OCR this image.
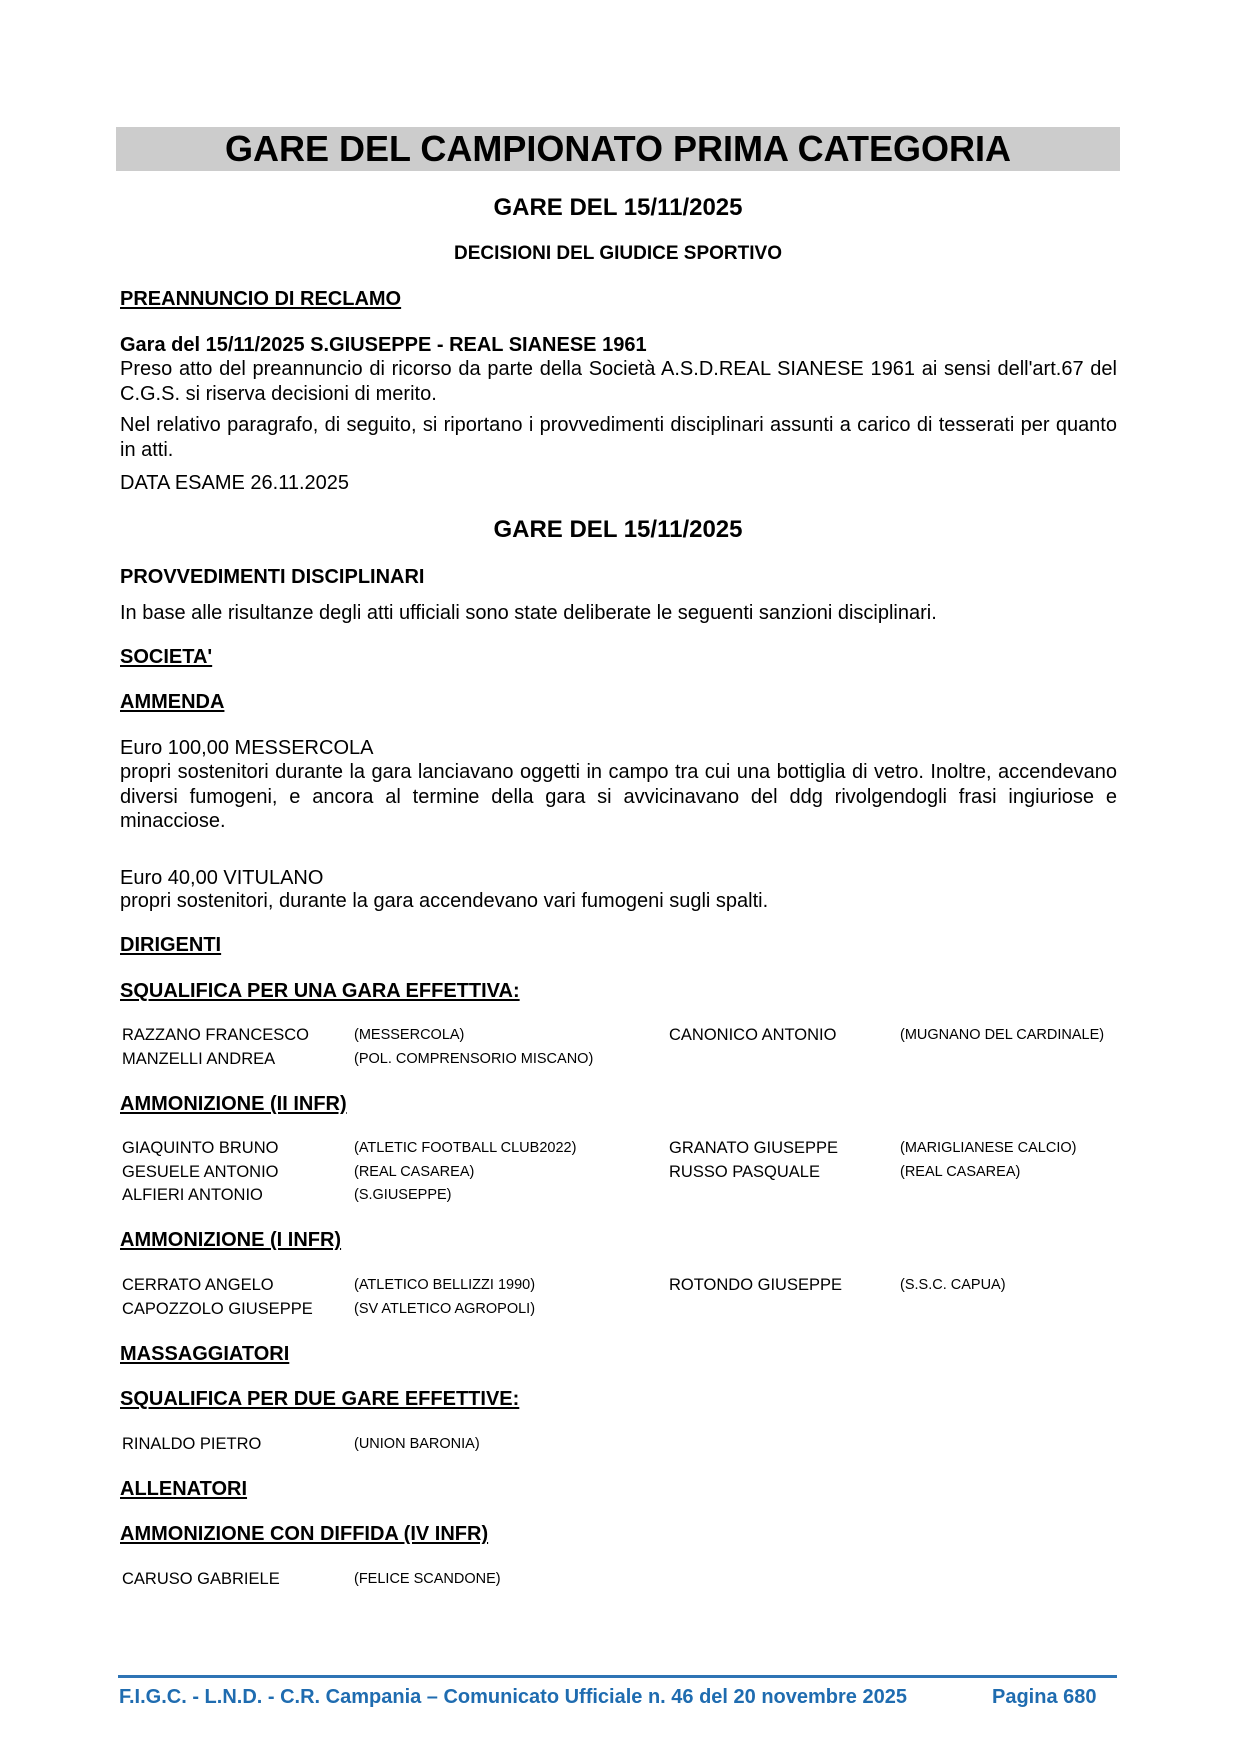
GARE DEL CAMPIONATO PRIMA CATEGORIA
GARE DEL 15/11/2025
DECISIONI DEL GIUDICE SPORTIVO
PREANNUNCIO DI RECLAMO
Gara del 15/11/2025 S.GIUSEPPE - REAL SIANESE 1961
Preso atto del preannuncio di ricorso da parte della Società A.S.D.REAL SIANESE 1961 ai sensi dell'art.67 del C.G.S. si riserva decisioni di merito.
Nel relativo paragrafo, di seguito, si riportano i provvedimenti disciplinari assunti a carico di tesserati per quanto in atti.
DATA ESAME 26.11.2025
GARE DEL 15/11/2025
PROVVEDIMENTI DISCIPLINARI
In base alle risultanze degli atti ufficiali sono state deliberate le seguenti sanzioni disciplinari.
SOCIETA'
AMMENDA
Euro 100,00 MESSERCOLA
propri sostenitori durante la gara lanciavano oggetti in campo tra cui una bottiglia di vetro. Inoltre, accendevano diversi fumogeni, e ancora al termine della gara si avvicinavano del ddg rivolgendogli frasi ingiuriose e minacciose.
Euro 40,00 VITULANO
propri sostenitori, durante la gara accendevano vari fumogeni sugli spalti.
DIRIGENTI
SQUALIFICA PER UNA GARA EFFETTIVA:
AMMONIZIONE (II INFR)
AMMONIZIONE (I INFR)
MASSAGGIATORI
SQUALIFICA PER DUE GARE EFFETTIVE:
ALLENATORI
AMMONIZIONE CON DIFFIDA (IV INFR)
F.I.G.C. - L.N.D. - C.R. Campania – Comunicato Ufficiale n. 46 del 20 novembre 2025	Pagina 680
RAZZANO FRANCESCO	(MESSERCOLA)	CANONICO ANTONIO	(MUGNANO DEL CARDINALE)
MANZELLI ANDREA	(POL. COMPRENSORIO MISCANO)
GIAQUINTO BRUNO	(ATLETIC FOOTBALL CLUB2022)	GRANATO GIUSEPPE	(MARIGLIANESE CALCIO)
GESUELE ANTONIO	(REAL CASAREA)	RUSSO PASQUALE	(REAL CASAREA)
ALFIERI ANTONIO	(S.GIUSEPPE)
CERRATO ANGELO	(ATLETICO BELLIZZI 1990)	ROTONDO GIUSEPPE	(S.S.C. CAPUA)
CAPOZZOLO GIUSEPPE	(SV ATLETICO AGROPOLI)
RINALDO PIETRO	(UNION BARONIA)
CARUSO GABRIELE	(FELICE SCANDONE)
